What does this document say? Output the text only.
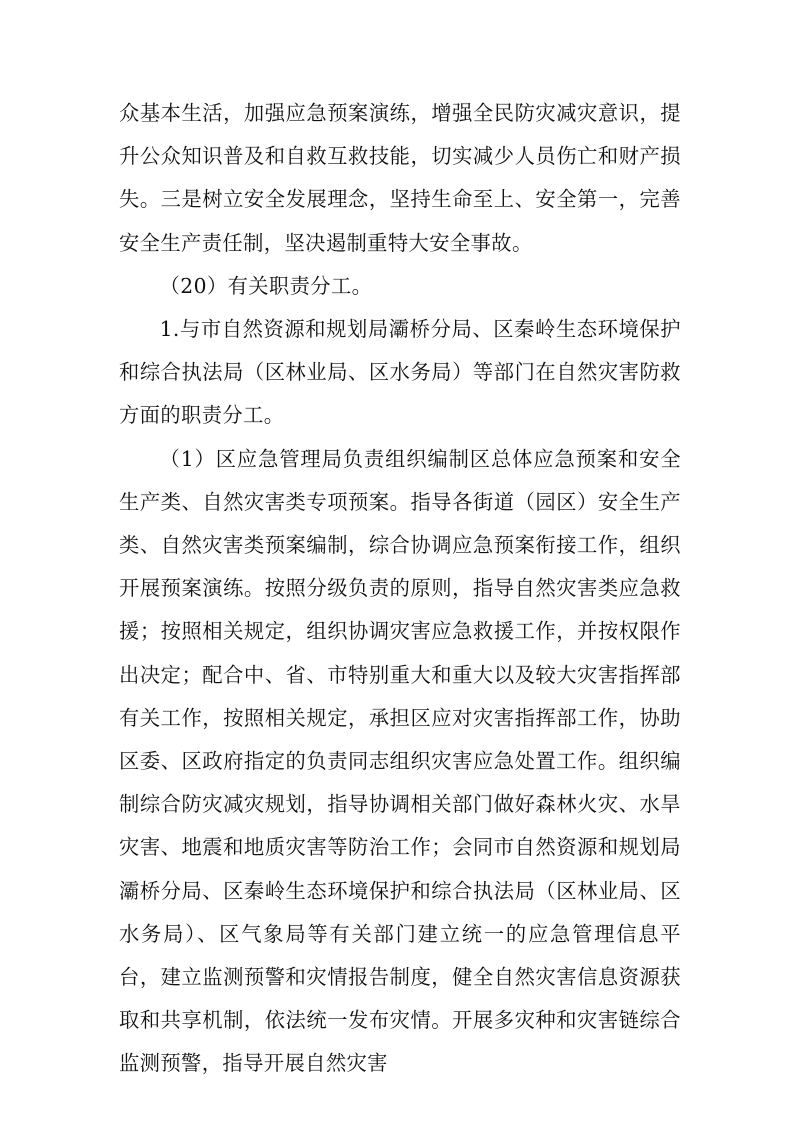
众基本生活，加强应急预案演练，增强全民防灾减灾意识，提升公众知识普及和自救互救技能，切实减少人员伤亡和财产损失。三是树立安全发展理念，坚持生命至上、安全第一，完善安全生产责任制，坚决遏制重特大安全事故。

（20）有关职责分工。

1.与市自然资源和规划局灞桥分局、区秦岭生态环境保护和综合执法局（区林业局、区水务局）等部门在自然灾害防救方面的职责分工。

（1）区应急管理局负责组织编制区总体应急预案和安全生产类、自然灾害类专项预案。指导各街道（园区）安全生产类、自然灾害类预案编制，综合协调应急预案衔接工作，组织开展预案演练。按照分级负责的原则，指导自然灾害类应急救援；按照相关规定，组织协调灾害应急救援工作，并按权限作出决定；配合中、省、市特别重大和重大以及较大灾害指挥部有关工作，按照相关规定，承担区应对灾害指挥部工作，协助区委、区政府指定的负责同志组织灾害应急处置工作。组织编制综合防灾减灾规划，指导协调相关部门做好森林火灾、水旱灾害、地震和地质灾害等防治工作；会同市自然资源和规划局灞桥分局、区秦岭生态环境保护和综合执法局（区林业局、区水务局）、区气象局等有关部门建立统一的应急管理信息平台，建立监测预警和灾情报告制度，健全自然灾害信息资源获取和共享机制，依法统一发布灾情。开展多灾种和灾害链综合监测预警，指导开展自然灾害
